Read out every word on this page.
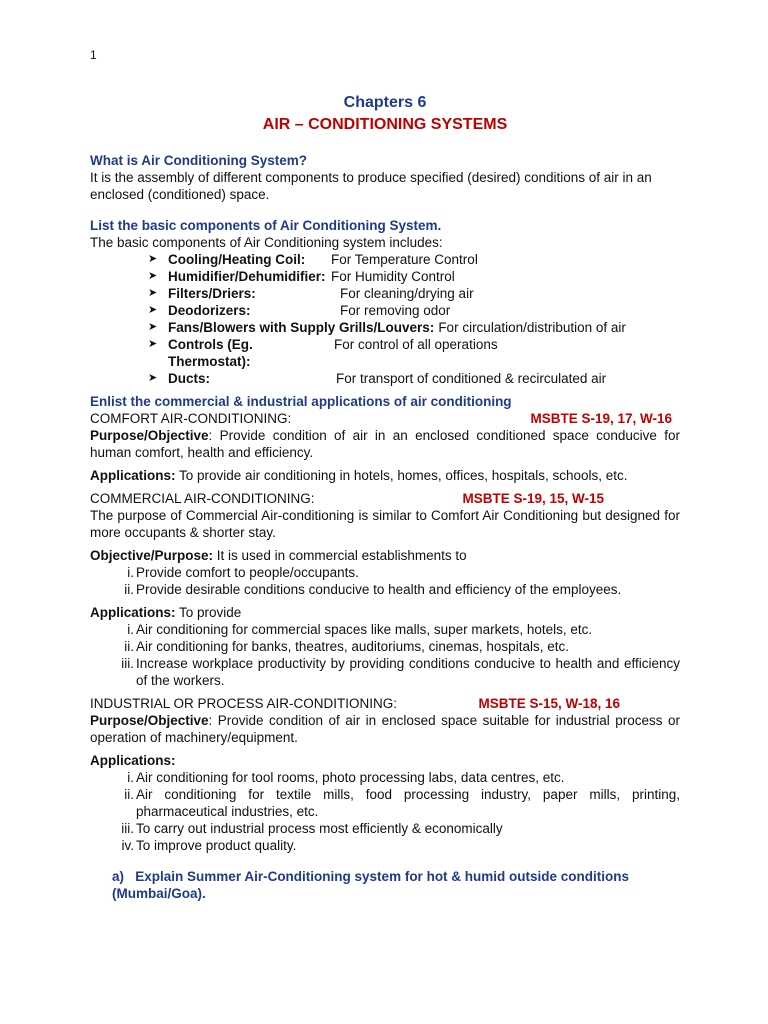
1
Chapters 6
AIR – CONDITIONING SYSTEMS

What is Air Conditioning System?

It is the assembly of different components to produce specified (desired) conditions of air in an enclosed (conditioned) space.

List the basic components of Air Conditioning System.

The basic components of Air Conditioning system includes:

➤ Cooling/Heating Coil:	For Temperature Control
➤ Humidifier/Dehumidifier: For Humidity Control
➤ Filters/Driers:	For cleaning/drying air
➤ Deodorizers:	For removing odor
➤ Fans/Blowers with Supply Grills/Louvers: For circulation/distribution of air
➤ Controls (Eg. Thermostat):
For control of all operations
➤ Ducts:	For transport of conditioned & recirculated air

Enlist the commercial & industrial applications of air conditioning

COMFORT AIR-CONDITIONING:	MSBTE S-19, 17, W-16

Purpose/Objective: Provide condition of air in an enclosed conditioned space conducive for human comfort, health and efficiency.

Applications: To provide air conditioning in hotels, homes, offices, hospitals, schools, etc.

COMMERCIAL AIR-CONDITIONING:	MSBTE S-19, 15, W-15

The purpose of Commercial Air-conditioning is similar to Comfort Air Conditioning but designed for more occupants & shorter stay.

Objective/Purpose: It is used in commercial establishments to

i. Provide comfort to people/occupants.
ii. Provide desirable conditions conducive to health and efficiency of the employees.

Applications: To provide

i. Air conditioning for commercial spaces like malls, super markets, hotels, etc.
ii. Air conditioning for banks, theatres, auditoriums, cinemas, hospitals, etc.
iii. Increase workplace productivity by providing conditions conducive to health and efficiency of the workers.
INDUSTRIAL OR PROCESS AIR-CONDITIONING:	MSBTE S-15, W-18, 16

Purpose/Objective: Provide condition of air in enclosed space suitable for industrial process or operation of machinery/equipment.

Applications:

i. Air conditioning for tool rooms, photo processing labs, data centres, etc.
ii. Air conditioning for textile mills, food processing industry, paper mills, printing, pharmaceutical industries, etc.
iii. To carry out industrial process most efficiently & economically
iv. To improve product quality.

a) Explain Summer Air-Conditioning system for hot & humid outside conditions (Mumbai/Goa).
